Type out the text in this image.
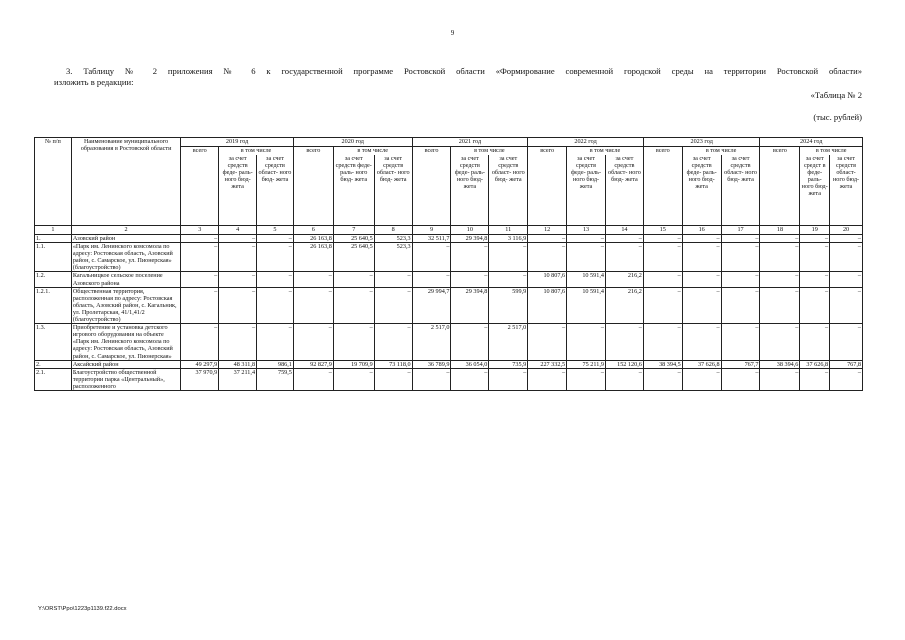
9
3. Таблицу № 2 приложения № 6 к государственной программе Ростовской области «Формирование современной городской среды на территории Ростовской области»
изложить в редакции:
«Таблица № 2
(тыс. рублей)
№ п/п	Наименование муниципального образования в Ростовской области	2019 год			2020 год			2021 год			2022 год			2023 год			2024 год		
		всего	в том числе		всего	в том числе		всего	в том числе		всего	в том числе		всего	в том числе		всего	в том числе	
			за счет средств феде- раль- ного бюд- жета	за счет средств област- ного бюд- жета		за счет средств феде- раль- ного бюд- жета	за счет средств област- ного бюд- жета		за счет средств феде- раль- ного бюд- жета	за счет средств област- ного бюд- жета		за счет средств феде- раль- ного бюд- жета	за счет средств област- ного бюд- жета		за счет средств феде- раль- ного бюд- жета	за счет средств област- ного бюд- жета		за счет средст в феде- раль- ного бюд- жета	за счет средств област- ного бюд- жета
1	2	3	4	5	6	7	8	9	10	11	12	13	14	15	16	17	18	19	20
1.	Азовский район	–	–	–	26 163,8	25 640,5	523,3	32 511,7	29 394,8	3 116,9	–	–	–	–	–	–	–	–	–
1.1.	«Парк им. Ленинского комсомола по адресу: Ростовская область, Азовский район, с. Самарское, ул. Пионерская» (благоустройство)	–	–	–	26 163,8	25 640,5	523,3	–	–	–	–	–	–	–	–	–	–	–	–
1.2.	Кагальницкое сельское поселение Азовского района	–	–	–	–	–	–	–	–	–	10 807,6	10 591,4	216,2	–	–	–	–	–	–
1.2.1.	Общественная территория, расположенная по адресу: Ростовская область, Азовский район, с. Кагальник, ул. Пролетарская, 41/1,41/2 (благоустройство)	–	–	–	–	–	–	29 994,7	29 394,8	599,9	10 807,6	10 591,4	216,2	–	–	–	–	–	–
1.3.	Приобретение и установка детского игрового оборудования на объекте «Парк им. Ленинского комсомола по адресу: Ростовская область, Азовский район, с. Самарское, ул. Пионерская»	–	–	–	–	–	–	2 517,0	–	2 517,0	–	–	–	–	–	–	–	–	–
2.	Аксайский район	49 297,9	48 311,8	986,1	92 827,9	19 709,9	73 118,0	36 789,9	36 054,0	735,9	227 332,5	75 211,9	152 120,6	38 394,5	37 626,8	767,7	38 394,6	37 626,8	767,8
2.1.	Благоустройство общественной территории парка «Центральный», расположенного	37 970,9	37 211,4	759,5	–	–	–	–	–	–	–	–	–	–	–	–	–	–	–
Y:\ORST\Ppo\1223p1139.f22.docx
